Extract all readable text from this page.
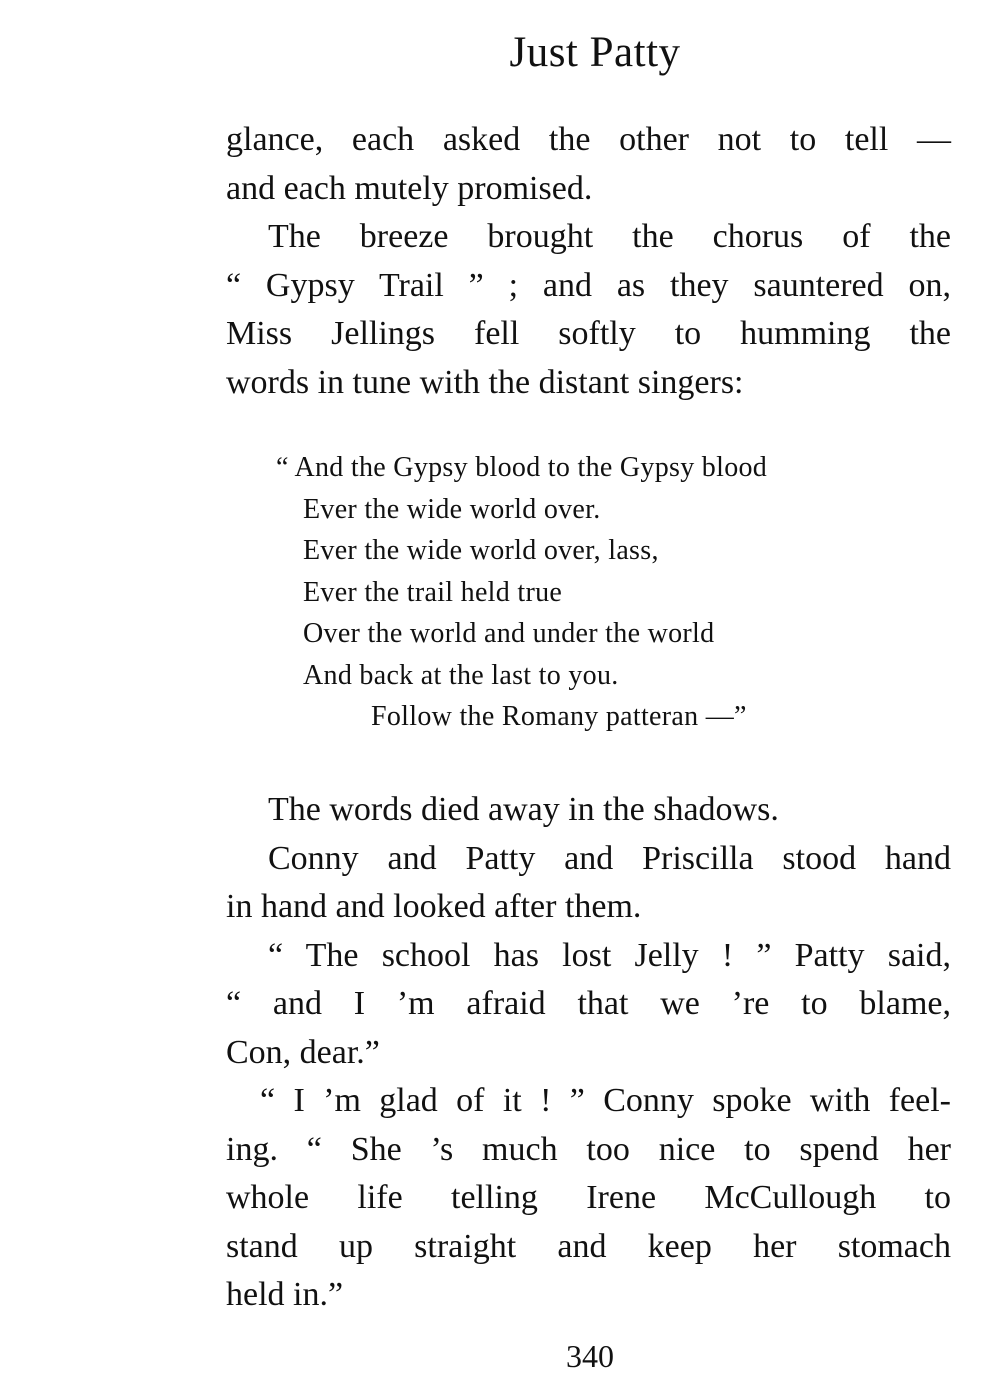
Just Patty

glance, each asked the other not to tell —
and each mutely promised.

The breeze brought the chorus of the
“ Gypsy Trail ” ; and as they sauntered on,
Miss Jellings fell softly to humming the
words in tune with the distant singers:

“ And the Gypsy blood to the Gypsy blood
Ever the wide world over.
Ever the wide world over, lass,
Ever the trail held true
Over the world and under the world
And back at the last to you.
Follow the Romany patteran —”

The words died away in the shadows.

Conny and Patty and Priscilla stood hand
in hand and looked after them.

“ The school has lost Jelly ! ” Patty said,
“ and I ’m afraid that we ’re to blame,
Con, dear.”

“ I ’m glad of it ! ” Conny spoke with feel-
ing. “ She ’s much too nice to spend her
whole life telling Irene McCullough to
stand up straight and keep her stomach
held in.”

340
